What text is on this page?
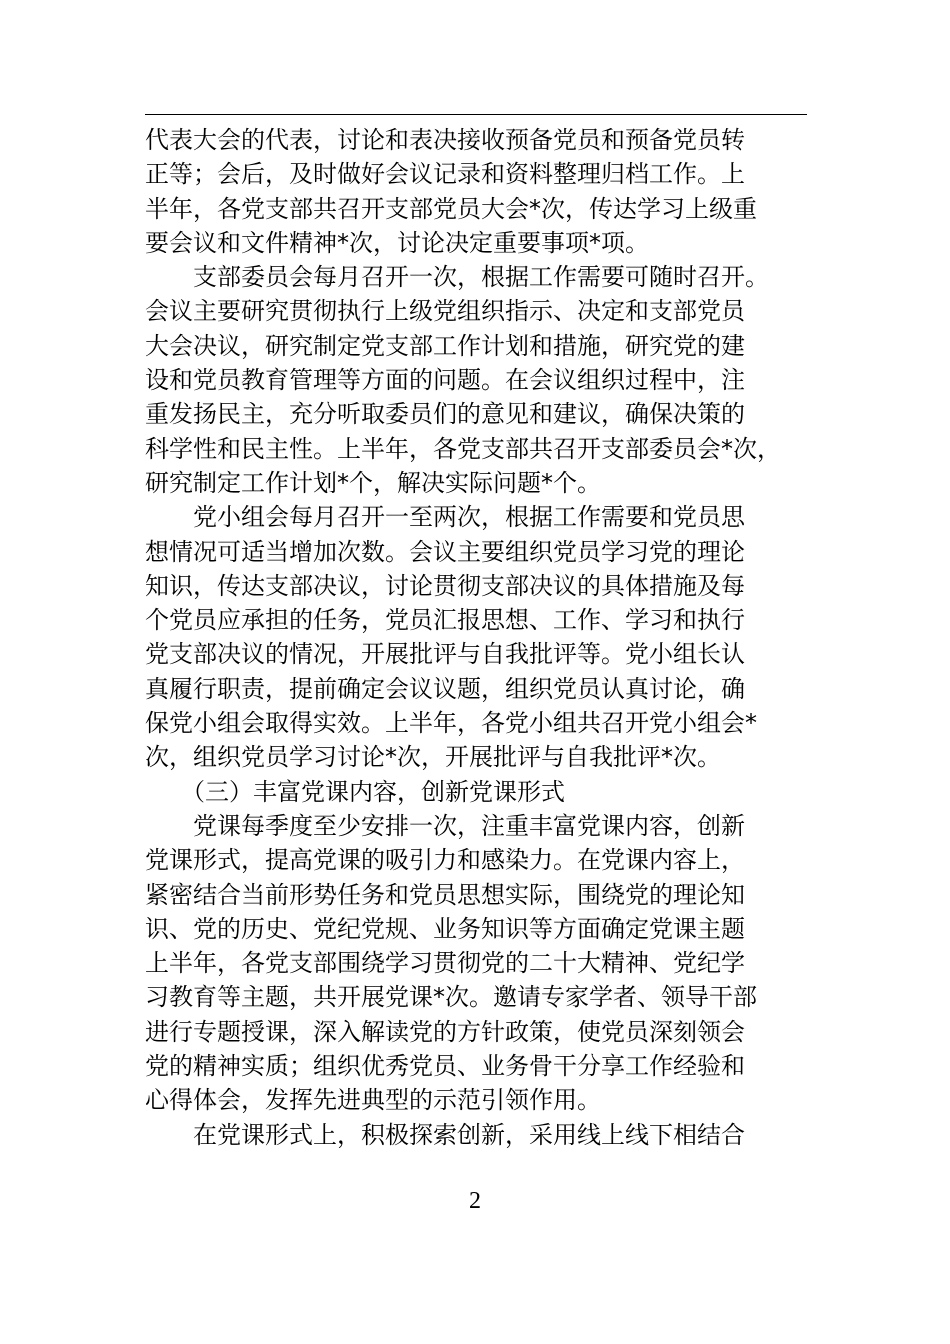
代表大会的代表，讨论和表决接收预备党员和预备党员转
正等；会后，及时做好会议记录和资料整理归档工作。上
半年，各党支部共召开支部党员大会*次，传达学习上级重
要会议和文件精神*次，讨论决定重要事项*项。
　　支部委员会每月召开一次，根据工作需要可随时召开。
会议主要研究贯彻执行上级党组织指示、决定和支部党员
大会决议，研究制定党支部工作计划和措施，研究党的建
设和党员教育管理等方面的问题。在会议组织过程中，注
重发扬民主，充分听取委员们的意见和建议，确保决策的
科学性和民主性。上半年，各党支部共召开支部委员会*次，
研究制定工作计划*个，解决实际问题*个。
　　党小组会每月召开一至两次，根据工作需要和党员思
想情况可适当增加次数。会议主要组织党员学习党的理论
知识，传达支部决议，讨论贯彻支部决议的具体措施及每
个党员应承担的任务，党员汇报思想、工作、学习和执行
党支部决议的情况，开展批评与自我批评等。党小组长认
真履行职责，提前确定会议议题，组织党员认真讨论，确
保党小组会取得实效。上半年，各党小组共召开党小组会*
次，组织党员学习讨论*次，开展批评与自我批评*次。
　　（三）丰富党课内容，创新党课形式
　　党课每季度至少安排一次，注重丰富党课内容，创新
党课形式，提高党课的吸引力和感染力。在党课内容上，
紧密结合当前形势任务和党员思想实际，围绕党的理论知
识、党的历史、党纪党规、业务知识等方面确定党课主题
上半年，各党支部围绕学习贯彻党的二十大精神、党纪学
习教育等主题，共开展党课*次。邀请专家学者、领导干部
进行专题授课，深入解读党的方针政策，使党员深刻领会
党的精神实质；组织优秀党员、业务骨干分享工作经验和
心得体会，发挥先进典型的示范引领作用。
　　在党课形式上，积极探索创新，采用线上线下相结合
2
